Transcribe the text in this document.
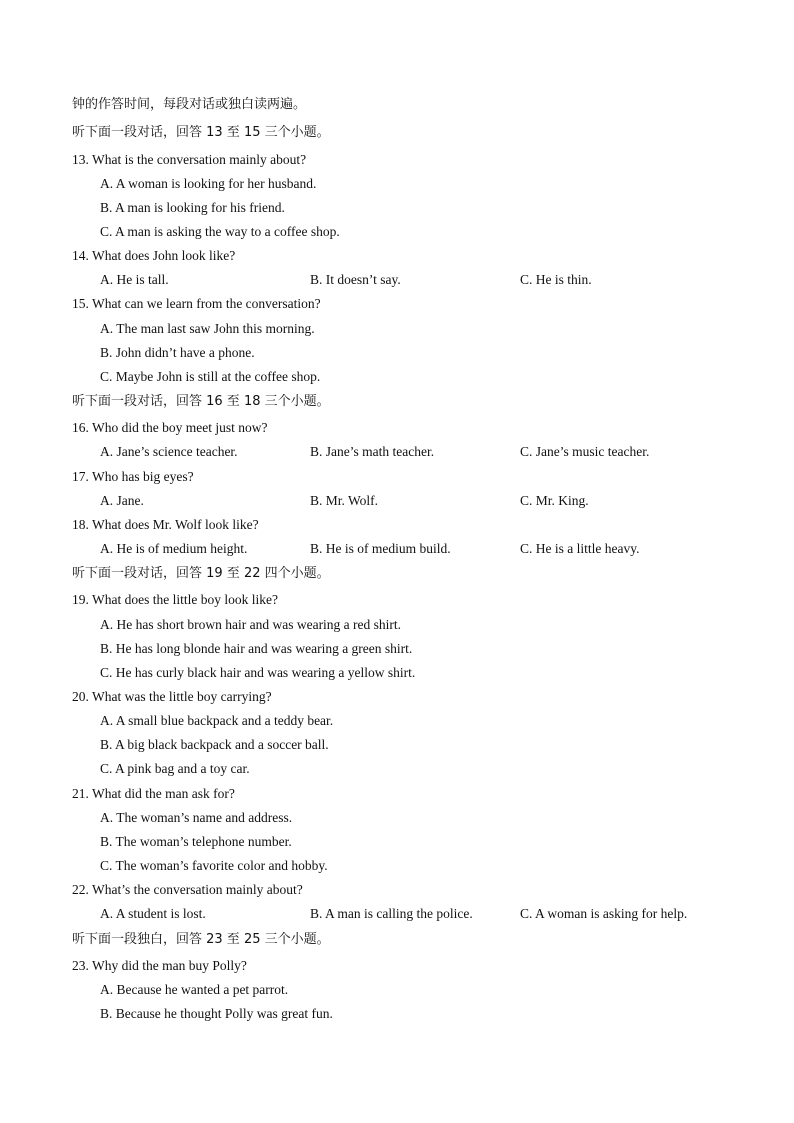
钟的作答时间，每段对话或独白读两遍。
听下面一段对话，回答 13 至 15 三个小题。
13. What is the conversation mainly about?
A. A woman is looking for her husband.
B. A man is looking for his friend.
C. A man is asking the way to a coffee shop.
14. What does John look like?
A. He is tall.	B. It doesn’t say.	C. He is thin.
15. What can we learn from the conversation?
A. The man last saw John this morning.
B. John didn’t have a phone.
C. Maybe John is still at the coffee shop.
听下面一段对话，回答 16 至 18 三个小题。
16. Who did the boy meet just now?
A. Jane’s science teacher.	B. Jane’s math teacher.	C. Jane’s music teacher.
17. Who has big eyes?
A. Jane.	B. Mr. Wolf.	C. Mr. King.
18. What does Mr. Wolf look like?
A. He is of medium height.	B. He is of medium build.	C. He is a little heavy.
听下面一段对话，回答 19 至 22 四个小题。
19. What does the little boy look like?
A. He has short brown hair and was wearing a red shirt.
B. He has long blonde hair and was wearing a green shirt.
C. He has curly black hair and was wearing a yellow shirt.
20. What was the little boy carrying?
A. A small blue backpack and a teddy bear.
B. A big black backpack and a soccer ball.
C. A pink bag and a toy car.
21. What did the man ask for?
A. The woman’s name and address.
B. The woman’s telephone number.
C. The woman’s favorite color and hobby.
22. What’s the conversation mainly about?
A. A student is lost.	B. A man is calling the police.	C. A woman is asking for help.
听下面一段独白，回答 23 至 25 三个小题。
23. Why did the man buy Polly?
A. Because he wanted a pet parrot.
B. Because he thought Polly was great fun.
